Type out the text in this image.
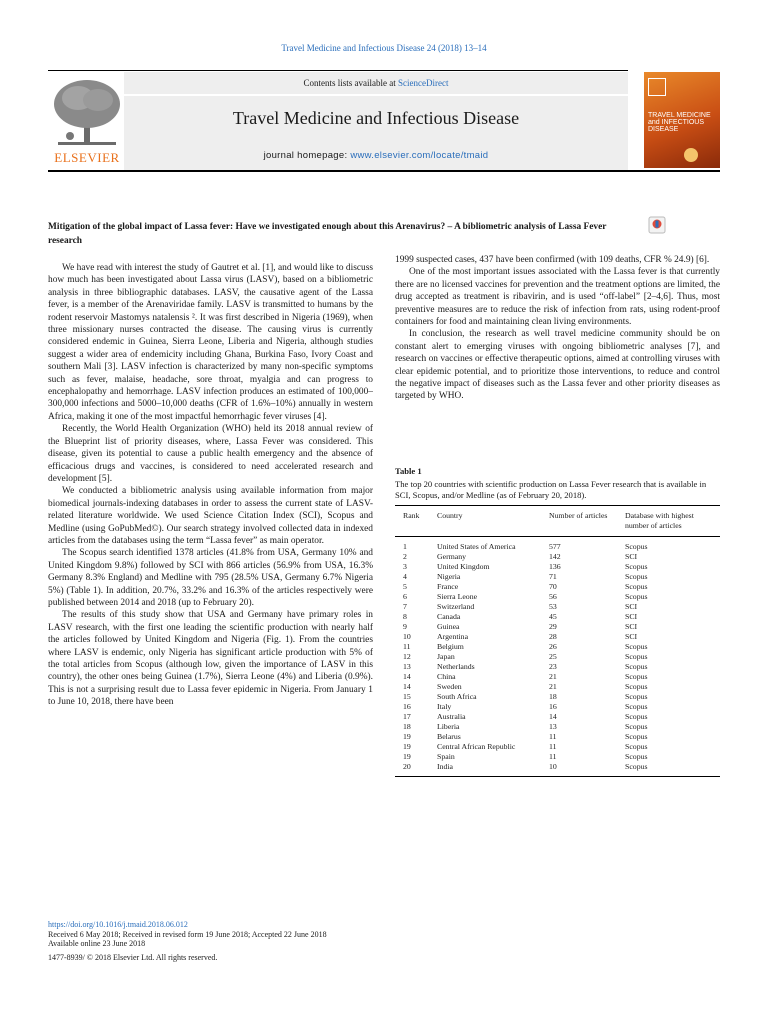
Travel Medicine and Infectious Disease 24 (2018) 13–14
Contents lists available at ScienceDirect
Travel Medicine and Infectious Disease
journal homepage: www.elsevier.com/locate/tmaid
ELSEVIER
TRAVEL MEDICINE
and INFECTIOUS
DISEASE
Mitigation of the global impact of Lassa fever: Have we investigated enough about this Arenavirus? – A bibliometric analysis of Lassa Fever research

We have read with interest the study of Gautret et al. [1], and would like to discuss how much has been investigated about Lassa virus (LASV), based on a bibliometric analysis in three bibliographic databases. LASV, the causative agent of the Lassa fever, is a member of the Arenaviridae family. LASV is transmitted to humans by the rodent reservoir Mastomys natalensis ². It was first described in Nigeria (1969), when three missionary nurses contracted the disease. The causing virus is currently considered endemic in Guinea, Sierra Leone, Liberia and Nigeria, although studies suggest a wider area of endemicity including Ghana, Burkina Faso, Ivory Coast and southern Mali [3]. LASV infection is characterized by many non-specific symptoms such as fever, malaise, headache, sore throat, myalgia and can progress to encephalopathy and hemorrhage. LASV infection produces an estimated of 100,000–300,000 infections and 5000–10,000 deaths (CFR of 1.6%–10%) annually in western Africa, making it one of the most impactful hemorrhagic fever viruses [4].

Recently, the World Health Organization (WHO) held its 2018 annual review of the Blueprint list of priority diseases, where, Lassa Fever was considered. This disease, given its potential to cause a public health emergency and the absence of efficacious drugs and vaccines, is considered to need accelerated research and development [5].

We conducted a bibliometric analysis using available information from major biomedical journals-indexing databases in order to assess the current state of LASV-related literature worldwide. We used Science Citation Index (SCI), Scopus and Medline (using GoPubMed©). Our search strategy involved collected data in indexed articles from the databases using the term “Lassa fever” as main operator.

The Scopus search identified 1378 articles (41.8% from USA, Germany 10% and United Kingdom 9.8%) followed by SCI with 866 articles (56.9% from USA, 16.3% Germany 8.3% England) and Medline with 795 (28.5% USA, Germany 6.7% Nigeria 5%) (Table 1). In addition, 20.7%, 33.2% and 16.3% of the articles respectively were published between 2014 and 2018 (up to February 20).

The results of this study show that USA and Germany have primary roles in LASV research, with the first one leading the scientific production with nearly half the articles followed by United Kingdom and Nigeria (Fig. 1). From the countries where LASV is endemic, only Nigeria has significant article production with 5% of the total articles from Scopus (although low, given the importance of LASV in this country), the other ones being Guinea (1.7%), Sierra Leone (4%) and Liberia (0.9%). This is not a surprising result due to Lassa fever epidemic in Nigeria. From January 1 to June 10, 2018, there have been

1999 suspected cases, 437 have been confirmed (with 109 deaths, CFR % 24.9) [6].

One of the most important issues associated with the Lassa fever is that currently there are no licensed vaccines for prevention and the treatment options are limited, the drug accepted as treatment is ribavirin, and is used “off-label” [2–4,6]. Thus, most preventive measures are to reduce the risk of infection from rats, using rodent-proof containers for food and maintaining clean living environments.

In conclusion, the research as well travel medicine community should be on constant alert to emerging viruses with ongoing bibliometric analyses [7], and research on vaccines or effective therapeutic options, aimed at controlling viruses with clear epidemic potential, and to prioritize those interventions, to reduce and control the negative impact of diseases such as the Lassa fever and other priority diseases as targeted by WHO.

Table 1
The top 20 countries with scientific production on Lassa Fever research that is available in SCI, Scopus, and/or Medline (as of February 20, 2018).
Rank	Country	Number of articles	Database with highest number of articles
1	United States of America	577	Scopus
2	Germany	142	SCI
3	United Kingdom	136	Scopus
4	Nigeria	71	Scopus
5	France	70	Scopus
6	Sierra Leone	56	Scopus
7	Switzerland	53	SCI
8	Canada	45	SCI
9	Guinea	29	SCI
10	Argentina	28	SCI
11	Belgium	26	Scopus
12	Japan	25	Scopus
13	Netherlands	23	Scopus
14	China	21	Scopus
14	Sweden	21	Scopus
15	South Africa	18	Scopus
16	Italy	16	Scopus
17	Australia	14	Scopus
18	Liberia	13	Scopus
19	Belarus	11	Scopus
19	Central African Republic	11	Scopus
19	Spain	11	Scopus
20	India	10	Scopus
https://doi.org/10.1016/j.tmaid.2018.06.012
Received 6 May 2018; Received in revised form 19 June 2018; Accepted 22 June 2018
Available online 23 June 2018
1477-8939/ © 2018 Elsevier Ltd. All rights reserved.
